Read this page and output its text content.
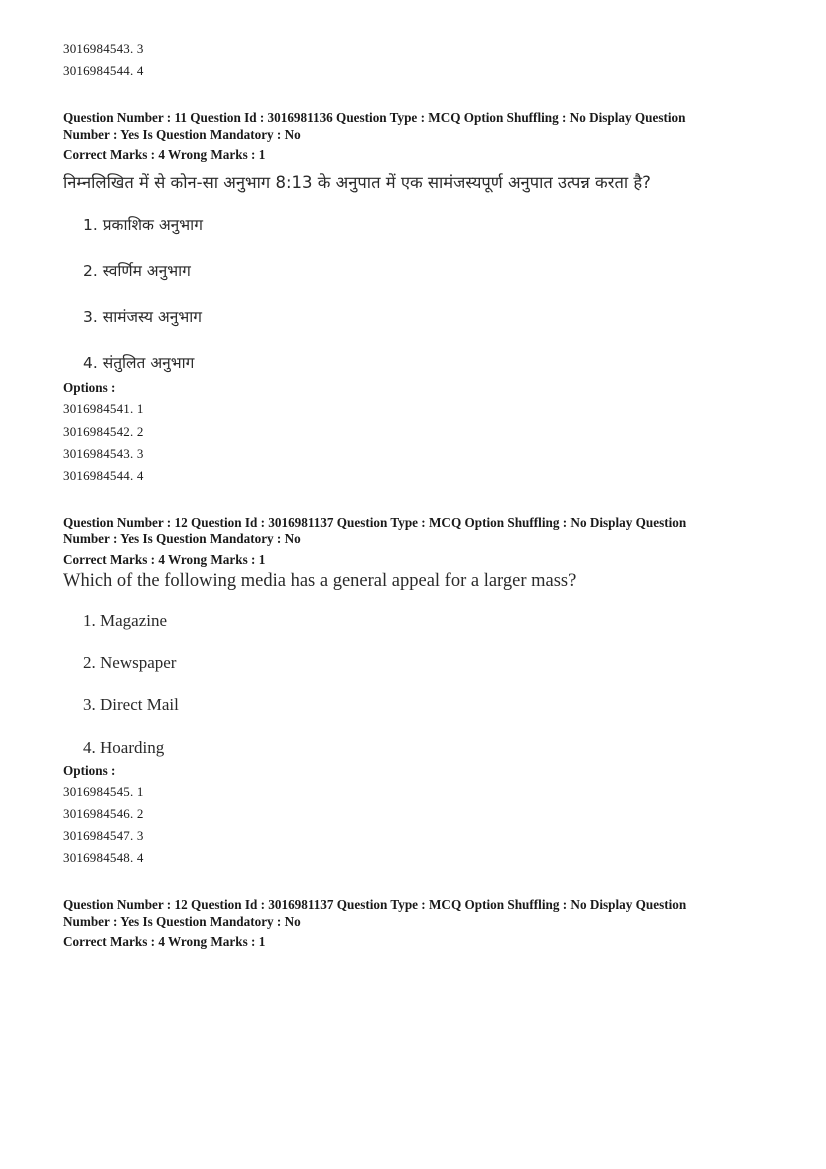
3016984543. 3
3016984544. 4
Question Number : 11 Question Id : 3016981136 Question Type : MCQ Option Shuffling : No Display Question
Number : Yes Is Question Mandatory : No
Correct Marks : 4 Wrong Marks : 1
निम्नलिखित में से कोन-सा अनुभाग 8:13 के अनुपात में एक सामंजस्यपूर्ण अनुपात उत्पन्न करता है?
1. प्रकाशिक अनुभाग
2. स्वर्णिम अनुभाग
3. सामंजस्य अनुभाग
4. संतुलित अनुभाग
Options :
3016984541. 1
3016984542. 2
3016984543. 3
3016984544. 4
Question Number : 12 Question Id : 3016981137 Question Type : MCQ Option Shuffling : No Display Question
Number : Yes Is Question Mandatory : No
Correct Marks : 4 Wrong Marks : 1
Which of the following media has a general appeal for a larger mass?
1. Magazine
2. Newspaper
3. Direct Mail
4. Hoarding
Options :
3016984545. 1
3016984546. 2
3016984547. 3
3016984548. 4
Question Number : 12 Question Id : 3016981137 Question Type : MCQ Option Shuffling : No Display Question
Number : Yes Is Question Mandatory : No
Correct Marks : 4 Wrong Marks : 1
